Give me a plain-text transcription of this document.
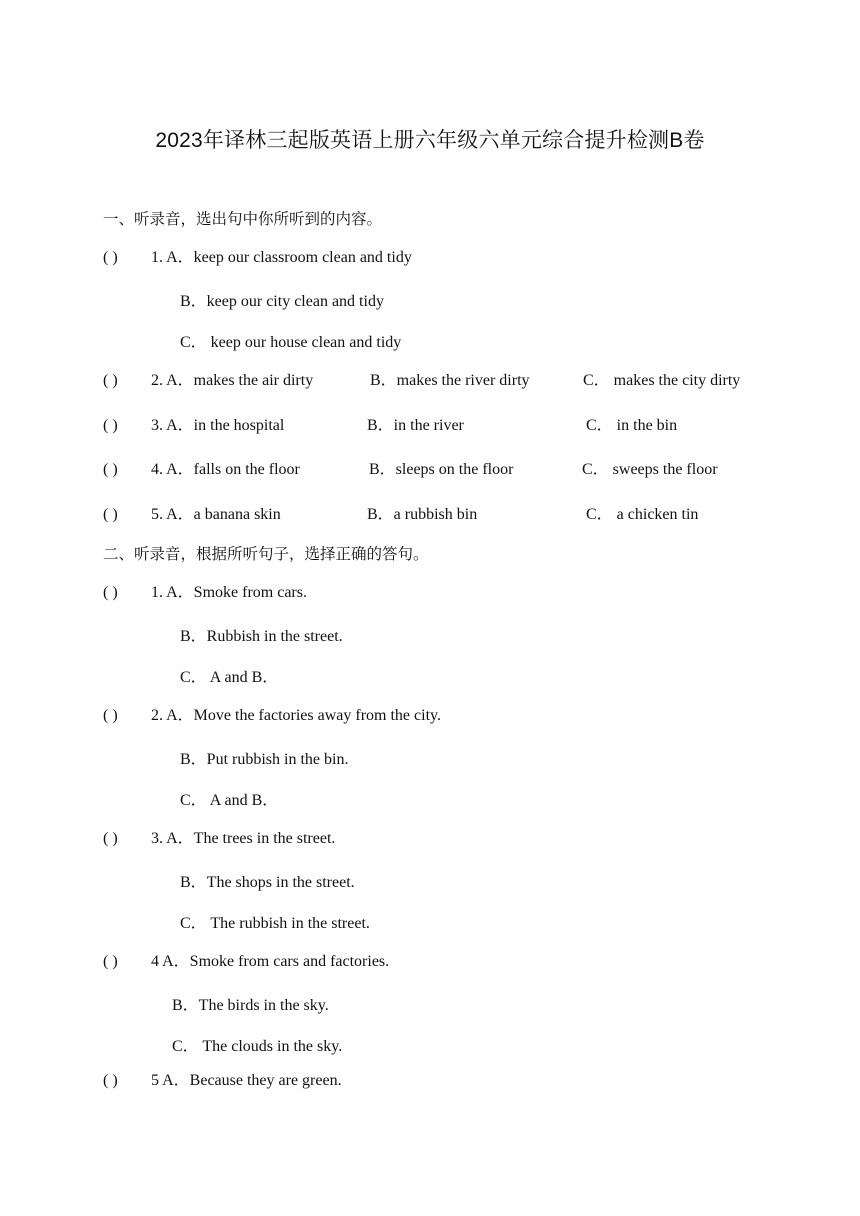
2023年译林三起版英语上册六年级六单元综合提升检测B卷
一、听录音，选出句中你所听到的内容。
( ) 1. A．keep our classroom clean and tidy
B．keep our city clean and tidy
C． keep our house clean and tidy
( ) 2. A．makes the air dirty	B．makes the river dirty	C． makes the city dirty
( ) 3. A．in the hospital	B．in the river	C． in the bin
( ) 4. A．falls on the floor	B．sleeps on the floor	C． sweeps the floor
( ) 5. A．a banana skin	B．a rubbish bin	C． a chicken tin
二、听录音，根据所听句子，选择正确的答句。
( ) 1. A．Smoke from cars.
B．Rubbish in the street.
C． A and B．
( ) 2. A．Move the factories away from the city.
B．Put rubbish in the bin.
C． A and B．
( ) 3. A．The trees in the street.
B．The shops in the street.
C． The rubbish in the street.
( ) 4 A．Smoke from cars and factories.
B．The birds in the sky.
C． The clouds in the sky.
( ) 5 A．Because they are green.
